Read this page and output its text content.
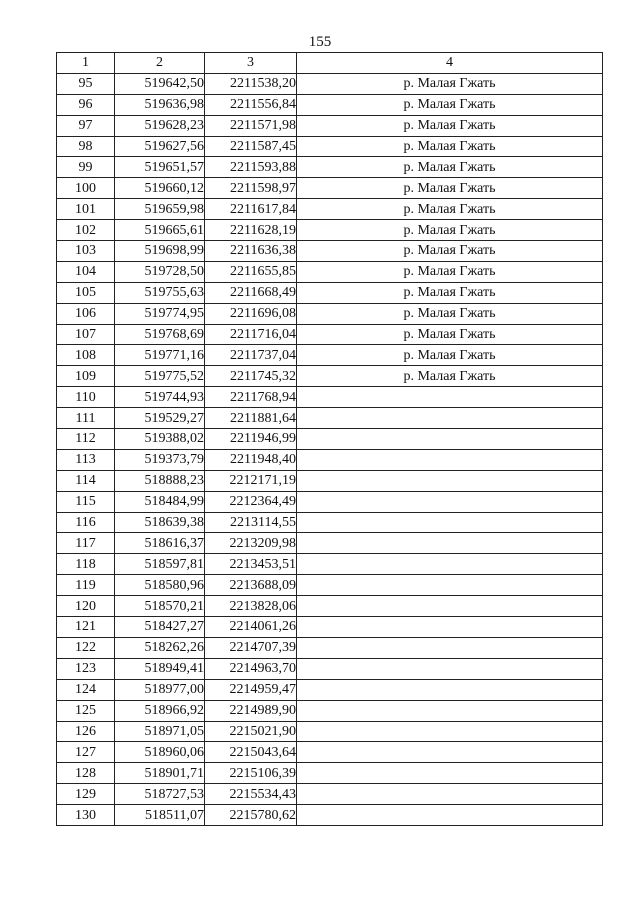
155
1	2	3	4
95	519642,50	2211538,20	р. Малая Гжать
96	519636,98	2211556,84	р. Малая Гжать
97	519628,23	2211571,98	р. Малая Гжать
98	519627,56	2211587,45	р. Малая Гжать
99	519651,57	2211593,88	р. Малая Гжать
100	519660,12	2211598,97	р. Малая Гжать
101	519659,98	2211617,84	р. Малая Гжать
102	519665,61	2211628,19	р. Малая Гжать
103	519698,99	2211636,38	р. Малая Гжать
104	519728,50	2211655,85	р. Малая Гжать
105	519755,63	2211668,49	р. Малая Гжать
106	519774,95	2211696,08	р. Малая Гжать
107	519768,69	2211716,04	р. Малая Гжать
108	519771,16	2211737,04	р. Малая Гжать
109	519775,52	2211745,32	р. Малая Гжать
110	519744,93	2211768,94	
111	519529,27	2211881,64	
112	519388,02	2211946,99	
113	519373,79	2211948,40	
114	518888,23	2212171,19	
115	518484,99	2212364,49	
116	518639,38	2213114,55	
117	518616,37	2213209,98	
118	518597,81	2213453,51	
119	518580,96	2213688,09	
120	518570,21	2213828,06	
121	518427,27	2214061,26	
122	518262,26	2214707,39	
123	518949,41	2214963,70	
124	518977,00	2214959,47	
125	518966,92	2214989,90	
126	518971,05	2215021,90	
127	518960,06	2215043,64	
128	518901,71	2215106,39	
129	518727,53	2215534,43	
130	518511,07	2215780,62	
